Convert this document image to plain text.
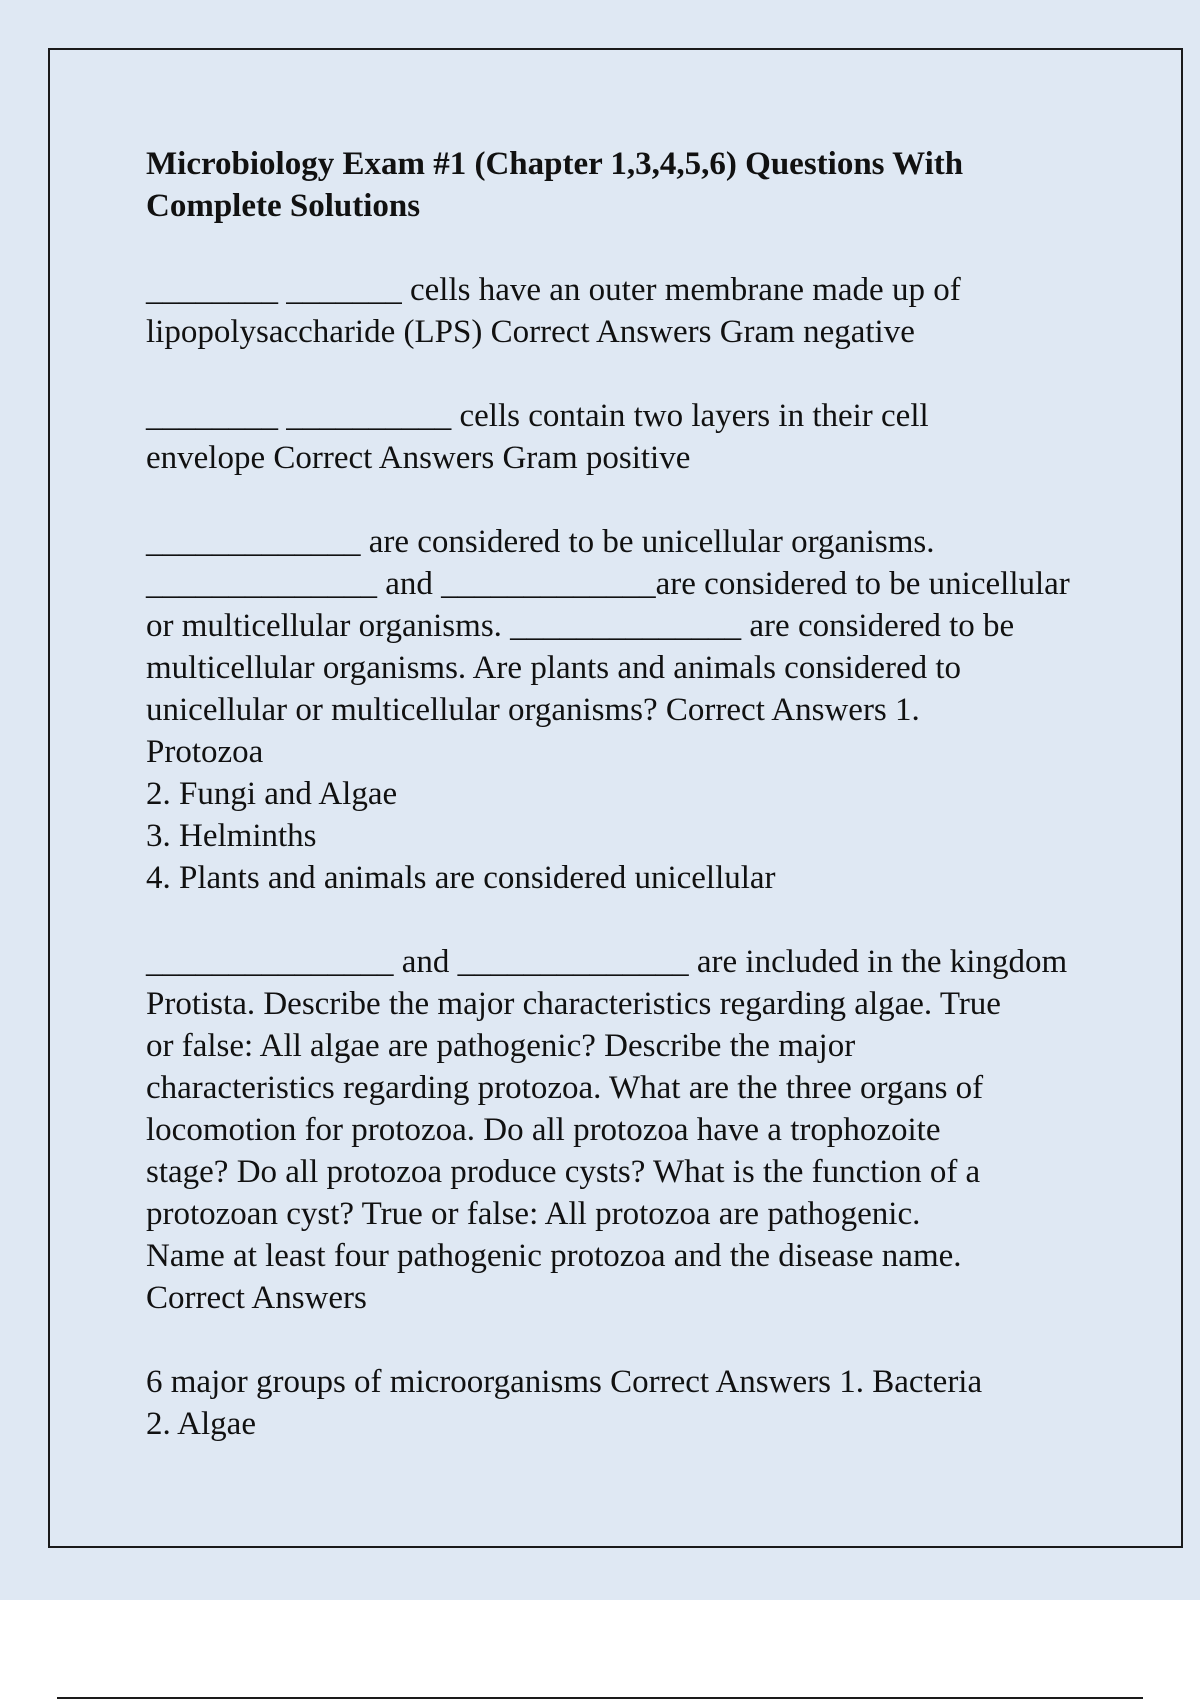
Microbiology Exam #1 (Chapter 1,3,4,5,6) Questions With Complete Solutions
________ _______ cells have an outer membrane made up of
lipopolysaccharide (LPS) Correct Answers Gram negative
________ __________ cells contain two layers in their cell
envelope Correct Answers Gram positive
_____________ are considered to be unicellular organisms.
______________ and _____________are considered to be unicellular
or multicellular organisms. ______________ are considered to be
multicellular organisms. Are plants and animals considered to
unicellular or multicellular organisms? Correct Answers 1.
Protozoa
2. Fungi and Algae
3. Helminths
4. Plants and animals are considered unicellular
_______________ and ______________ are included in the kingdom
Protista. Describe the major characteristics regarding algae. True
or false: All algae are pathogenic? Describe the major
characteristics regarding protozoa. What are the three organs of
locomotion for protozoa. Do all protozoa have a trophozoite
stage? Do all protozoa produce cysts? What is the function of a
protozoan cyst? True or false: All protozoa are pathogenic.
Name at least four pathogenic protozoa and the disease name.
Correct Answers
6 major groups of microorganisms Correct Answers 1. Bacteria
2. Algae
